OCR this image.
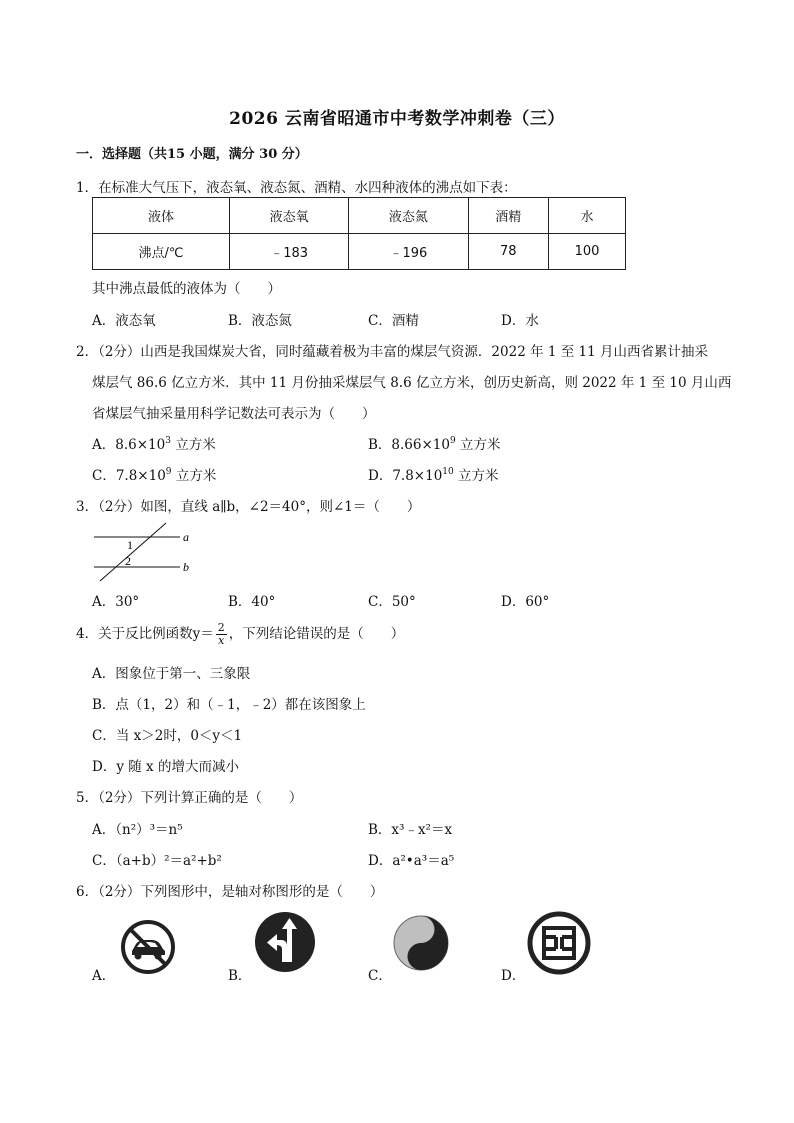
2026 云南省昭通市中考数学冲刺卷（三）
一．选择题（共15 小题，满分 30 分）
1．在标准大气压下，液态氧、液态氮、酒精、水四种液体的沸点如下表：
液体	液态氧	液态氮	酒精	水
沸点/℃	﹣183	﹣196	78	100
其中沸点最低的液体为（　　）
A．液态氧	B．液态氮	C．酒精	D．水
2．（2分）山西是我国煤炭大省，同时蕴藏着极为丰富的煤层气资源．2022 年 1 至 11 月山西省累计抽采
煤层气 86.6 亿立方米．其中 11 月份抽采煤层气 8.6 亿立方米，创历史新高，则 2022 年 1 至 10 月山西
省煤层气抽采量用科学记数法可表示为（　　）
A．$8.6\times 10^3$ 立方米	B．$8.66\times 10^9$ 立方米
C．$7.8\times 10^9$ 立方米	D．$7.8\times 10^{10}$ 立方米
3．（2分）如图，直线 a∥b，∠2＝40°，则∠1＝（　　）
a
b
1
2
A．30°	B．40°	C．50°	D．60°
4．关于反比例函数$y= \frac{2}{x}$ ，下列结论错误的是（　　）
A．图象位于第一、三象限
B．点（1，2）和（﹣1，﹣2）都在该图象上
C．当 x＞2时，0＜y＜1
D．y 随 x 的增大而减小
5．（2分）下列计算正确的是（　　）
A．（n²）³＝n⁵	B．x³﹣x²＝x
C．（a+b）²＝a²+b²	D．a²•a³＝a⁵
6．（2分）下列图形中，是轴对称图形的是（　　）
A．	B．	C．	D．
